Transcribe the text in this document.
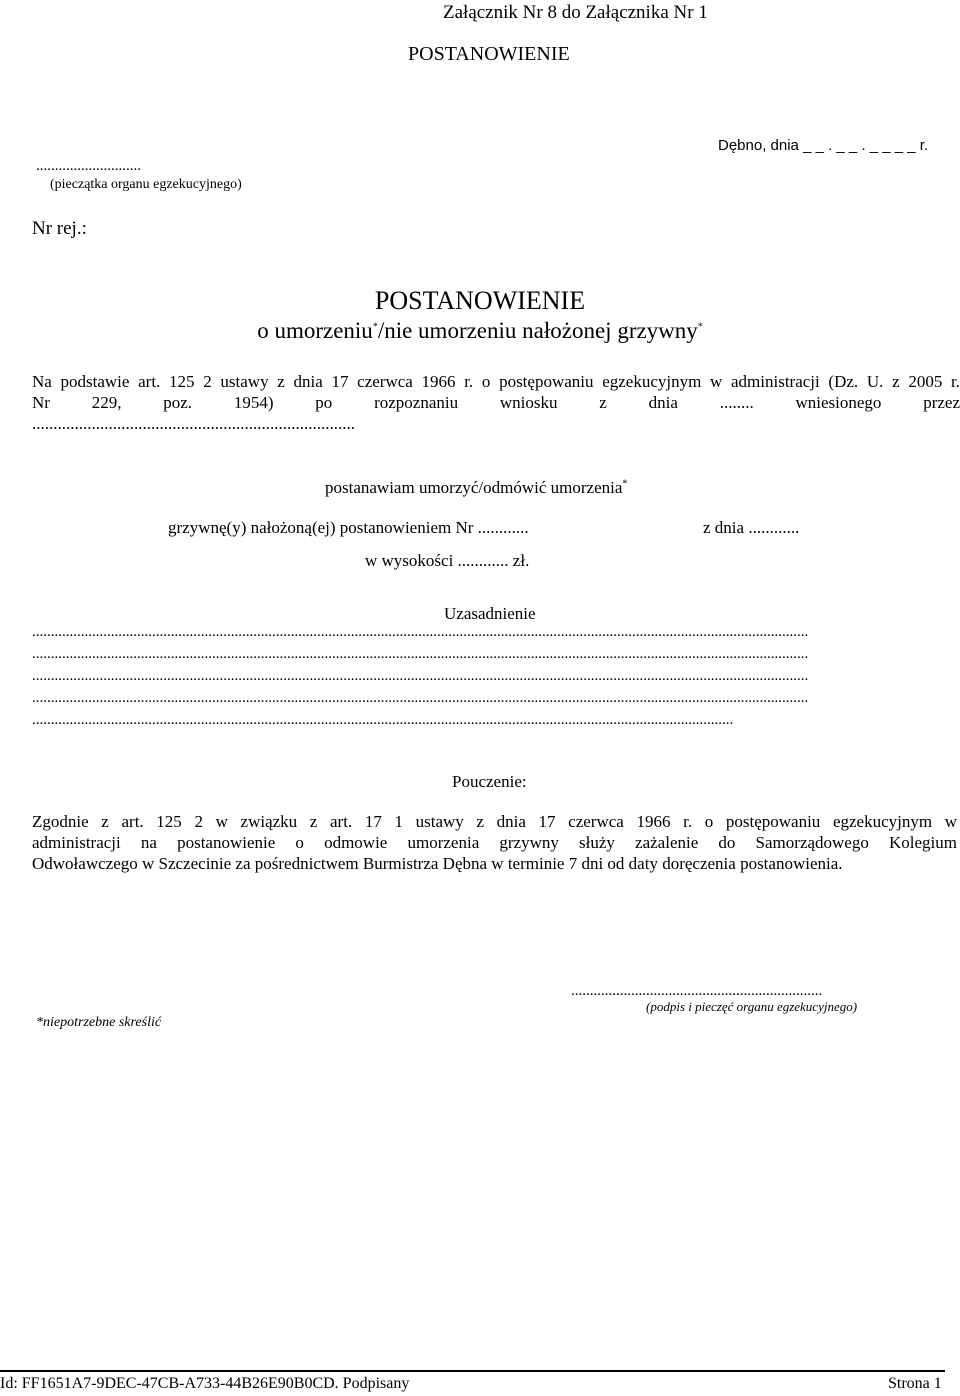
Załącznik Nr 8 do Załącznika Nr 1
POSTANOWIENIE
Dębno, dnia _ _ . _ _ . _ _ _ _ r.
............................
(pieczątka organu egzekucyjnego)
Nr rej.:
POSTANOWIENIE
o umorzeniu*/nie umorzeniu nałożonej grzywny*
Na podstawie art. 125 2 ustawy z dnia 17 czerwca 1966 r. o postępowaniu egzekucyjnym w administracji (Dz. U. z 2005 r.
Nr 229, poz. 1954) po rozpoznaniu wniosku z dnia ........ wniesionego przez
............................................................................
postanawiam umorzyć/odmówić umorzenia*
grzywnę(y) nałożoną(ej) postanowieniem Nr ............	z dnia ............
w wysokości ............ zł.
Uzasadnienie
...............................................................................................................................................................................................................
...............................................................................................................................................................................................................
...............................................................................................................................................................................................................
...............................................................................................................................................................................................................
...........................................................................................................................................................................................
Pouczenie:
Zgodnie z art. 125 2 w związku z art. 17 1 ustawy z dnia 17 czerwca 1966 r. o postępowaniu egzekucyjnym w
administracji na postanowienie o odmowie umorzenia grzywny służy zażalenie do Samorządowego Kolegium
Odwoławczego w Szczecinie za pośrednictwem Burmistrza Dębna w terminie 7 dni od daty doręczenia postanowienia.
...................................................................
(podpis i pieczęć organu egzekucyjnego)
*niepotrzebne skreślić
Id: FF1651A7-9DEC-47CB-A733-44B26E90B0CD. Podpisany	Strona 1
